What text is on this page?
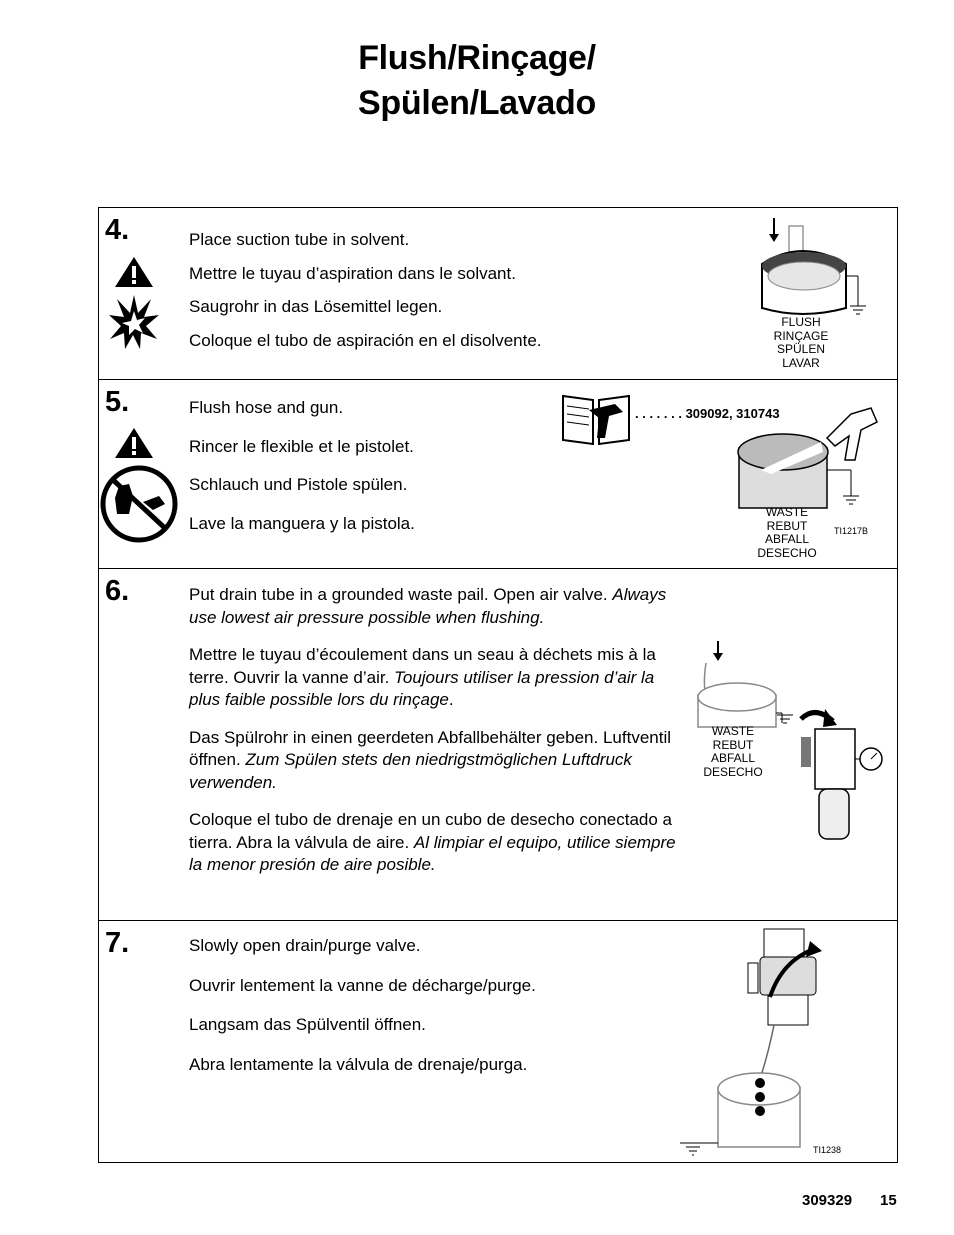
Flush/Rinçage/
Spülen/Lavado
4.	Place suction tube in solvent.

Mettre le tuyau d’aspiration dans le solvant.

Saugrohr in das Lösemittel legen.

Coloque el tubo de aspiración en el disolvente.

FLUSH
RINÇAGE
SPÜLEN
LAVAR
5.	Flush hose and gun.

Rincer le flexible et le pistolet.

Schlauch und Pistole spülen.

Lave la manguera y la pistola.

. . . . . . . 309092, 310743
WASTE
REBUT
ABFALL
DESECHO
TI1217B
6.	Put drain tube in a grounded waste pail. Open air valve. Always use lowest air pressure possible when flushing.

Mettre le tuyau d’écoulement dans un seau à déchets mis à la terre. Ouvrir la vanne d’air. Toujours utiliser la pression d’air la plus faible possible lors du rinçage.

Das Spülrohr in einen geerdeten Abfallbehälter geben. Luftventil öffnen. Zum Spülen stets den niedrigstmöglichen Luftdruck verwenden.

Coloque el tubo de drenaje en un cubo de desecho conectado a tierra. Abra la válvula de aire. Al limpiar el equipo, utilice siempre la menor presión de aire posible.

WASTE
REBUT
ABFALL
DESECHO
7.	Slowly open drain/purge valve.

Ouvrir lentement la vanne de décharge/purge.

Langsam das Spülventil öffnen.

Abra lentamente la válvula de drenaje/purga.

TI1238
309329 15
